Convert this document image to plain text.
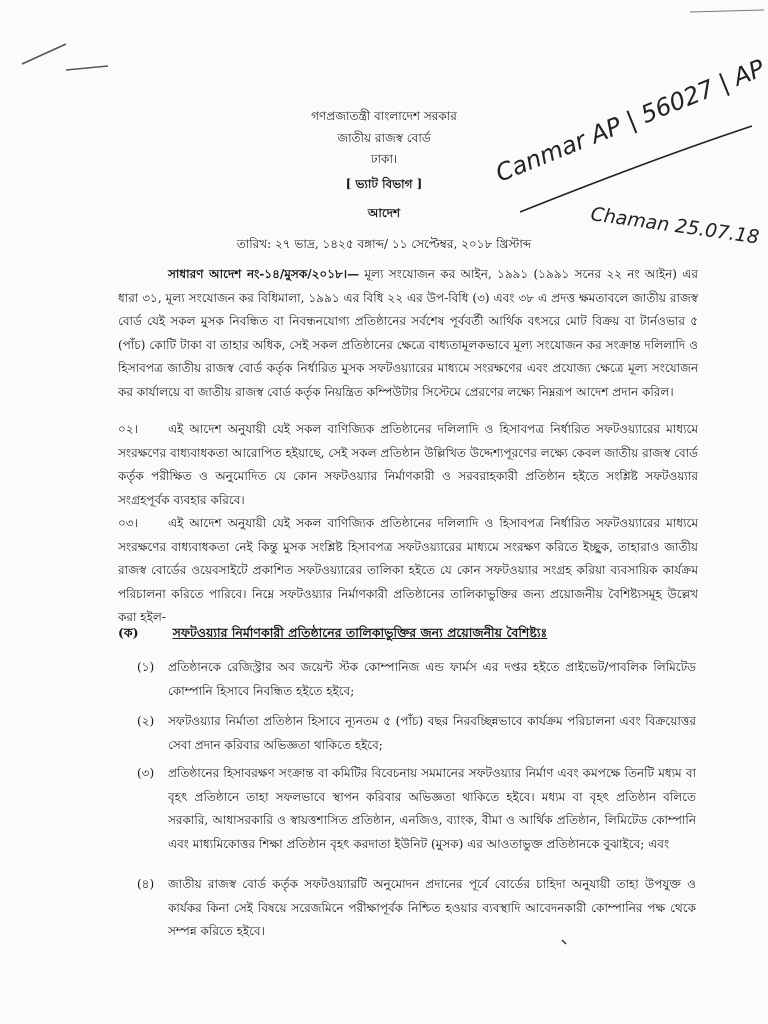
Canmar AP | 56027 | AP
Chaman 25.07.18
গণপ্রজাতন্ত্রী বাংলাদেশ সরকার
জাতীয় রাজস্ব বোর্ড
ঢাকা।
[ ভ্যাট বিভাগ ]
আদেশ
তারিখ: ২৭ ভাদ্র, ১৪২৫ বঙ্গাব্দ/ ১১ সেপ্টেম্বর, ২০১৮ খ্রিস্টাব্দ
সাধারণ আদেশ নং-১৪/মুসক/২০১৮।— মূল্য সংযোজন কর আইন, ১৯৯১ (১৯৯১ সনের ২২ নং আইন) এর ধারা ৩১, মূল্য সংযোজন কর বিধিমালা, ১৯৯১ এর বিধি ২২ এর উপ-বিধি (৩) এবং ৩৮ এ প্রদত্ত ক্ষমতাবলে জাতীয় রাজস্ব বোর্ড যেই সকল মুসক নিবন্ধিত বা নিবন্ধনযোগ্য প্রতিষ্ঠানের সর্বশেষ পূর্ববর্তী আর্থিক বৎসরে মোট বিক্রয় বা টার্নওভার ৫ (পাঁচ) কোটি টাকা বা তাহার অধিক, সেই সকল প্রতিষ্ঠানের ক্ষেত্রে বাধ্যতামূলকভাবে মূল্য সংযোজন কর সংক্রান্ত দলিলাদি ও হিসাবপত্র জাতীয় রাজস্ব বোর্ড কর্তৃক নির্ধারিত মুসক সফটওয়্যারের মাধ্যমে সংরক্ষণের এবং প্রযোজ্য ক্ষেত্রে মূল্য সংযোজন কর কার্যালয়ে বা জাতীয় রাজস্ব বোর্ড কর্তৃক নিয়ন্ত্রিত কম্পিউটার সিস্টেমে প্রেরণের লক্ষ্যে নিম্নরূপ আদেশ প্রদান করিল।
০২।	এই আদেশ অনুযায়ী যেই সকল বাণিজ্যিক প্রতিষ্ঠানের দলিলাদি ও হিসাবপত্র নির্ধারিত সফটওয়্যারের মাধ্যমে সংরক্ষণের বাধ্যবাধকতা আরোপিত হইয়াছে, সেই সকল প্রতিষ্ঠান উল্লিখিত উদ্দেশ্যপূরণের লক্ষ্যে কেবল জাতীয় রাজস্ব বোর্ড কর্তৃক পরীক্ষিত ও অনুমোদিত যে কোন সফটওয়্যার নির্মাণকারী ও সরবরাহকারী প্রতিষ্ঠান হইতে সংশ্লিষ্ট সফটওয়্যার সংগ্রহপূর্বক ব্যবহার করিবে।
০৩।	এই আদেশ অনুযায়ী যেই সকল বাণিজ্যিক প্রতিষ্ঠানের দলিলাদি ও হিসাবপত্র নির্ধারিত সফটওয়্যারের মাধ্যমে সংরক্ষণের বাধ্যবাধকতা নেই কিন্তু মুসক সংশ্লিষ্ট হিসাবপত্র সফটওয়্যারের মাধ্যমে সংরক্ষণ করিতে ইচ্ছুক, তাহারাও জাতীয় রাজস্ব বোর্ডের ওয়েবসাইটে প্রকাশিত সফটওয়্যারের তালিকা হইতে যে কোন সফটওয়্যার সংগ্রহ করিয়া ব্যবসায়িক কার্যক্রম পরিচালনা করিতে পারিবে। নিম্নে সফটওয়্যার নির্মাণকারী প্রতিষ্ঠানের তালিকাভুক্তির জন্য প্রয়োজনীয় বৈশিষ্ট্যসমূহ উল্লেখ করা হইল-
(ক)	সফটওয়্যার নির্মাণকারী প্রতিষ্ঠানের তালিকাভুক্তির জন্য প্রয়োজনীয় বৈশিষ্ট্যঃ
(১) প্রতিষ্ঠানকে রেজিস্ট্রার অব জয়েন্ট স্টক কোম্পানিজ এন্ড ফার্মস এর দপ্তর হইতে প্রাইভেট/পাবলিক লিমিটেড কোম্পানি হিসাবে নিবন্ধিত হইতে হইবে;
(২) সফটওয়্যার নির্মাতা প্রতিষ্ঠান হিসাবে ন্যূনতম ৫ (পাঁচ) বছর নিরবচ্ছিন্নভাবে কার্যক্রম পরিচালনা এবং বিক্রয়োত্তর সেবা প্রদান করিবার অভিজ্ঞতা থাকিতে হইবে;
(৩) প্রতিষ্ঠানের হিসাবরক্ষণ সংক্রান্ত বা কমিটির বিবেচনায় সমমানের সফটওয়্যার নির্মাণ এবং কমপক্ষে তিনটি মধ্যম বা বৃহৎ প্রতিষ্ঠানে তাহা সফলভাবে স্থাপন করিবার অভিজ্ঞতা থাকিতে হইবে। মধ্যম বা বৃহৎ প্রতিষ্ঠান বলিতে সরকারি, আধাসরকারি ও স্বায়ত্তশাসিত প্রতিষ্ঠান, এনজিও, ব্যাংক, বীমা ও আর্থিক প্রতিষ্ঠান, লিমিটেড কোম্পানি এবং মাধ্যমিকোত্তর শিক্ষা প্রতিষ্ঠান বৃহৎ করদাতা ইউনিট (মুসক) এর আওতাভুক্ত প্রতিষ্ঠানকে বুঝাইবে; এবং
(৪) জাতীয় রাজস্ব বোর্ড কর্তৃক সফটওয়্যারটি অনুমোদন প্রদানের পূর্বে বোর্ডের চাহিদা অনুযায়ী তাহা উপযুক্ত ও কার্যকর কিনা সেই বিষয়ে সরেজমিনে পরীক্ষাপূর্বক নিশ্চিত হওয়ার ব্যবস্থাদি আবেদনকারী কোম্পানির পক্ষ থেকে সম্পন্ন করিতে হইবে।
